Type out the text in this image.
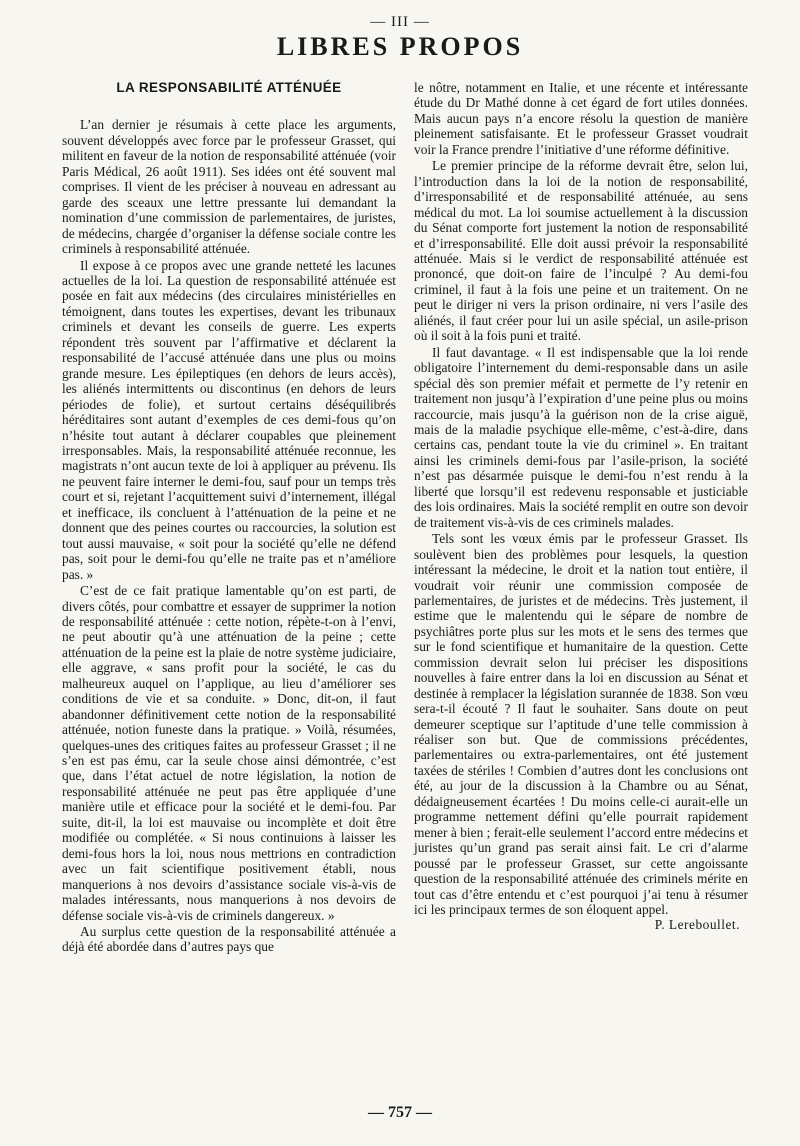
— III —
LIBRES PROPOS
LA RESPONSABILITÉ ATTÉNUÉE

L’an dernier je résumais à cette place les arguments, souvent développés avec force par le professeur Grasset, qui militent en faveur de la notion de responsabilité atténuée (voir Paris Médical, 26 août 1911). Ses idées ont été souvent mal comprises. Il vient de les préciser à nouveau en adressant au garde des sceaux une lettre pressante lui demandant la nomination d’une commission de parlementaires, de juristes, de médecins, chargée d’organiser la défense sociale contre les criminels à responsabilité atténuée.

Il expose à ce propos avec une grande netteté les lacunes actuelles de la loi. La question de responsabilité atténuée est posée en fait aux médecins (des circulaires ministérielles en témoignent, dans toutes les expertises, devant les tribunaux criminels et devant les conseils de guerre. Les experts répondent très souvent par l’affirmative et déclarent la responsabilité de l’accusé atténuée dans une plus ou moins grande mesure. Les épileptiques (en dehors de leurs accès), les aliénés intermittents ou discontinus (en dehors de leurs périodes de folie), et surtout certains déséquilibrés héréditaires sont autant d’exemples de ces demi-fous qu’on n’hésite tout autant à déclarer coupables que pleinement irresponsables. Mais, la responsabilité atténuée reconnue, les magistrats n’ont aucun texte de loi à appliquer au prévenu. Ils ne peuvent faire interner le demi-fou, sauf pour un temps très court et si, rejetant l’acquittement suivi d’internement, illégal et inefficace, ils concluent à l’atténuation de la peine et ne donnent que des peines courtes ou raccourcies, la solution est tout aussi mauvaise, « soit pour la société qu’elle ne défend pas, soit pour le demi-fou qu’elle ne traite pas et n’améliore pas. »

C’est de ce fait pratique lamentable qu’on est parti, de divers côtés, pour combattre et essayer de supprimer la notion de responsabilité atténuée : cette notion, répète-t-on à l’envi, ne peut aboutir qu’à une atténuation de la peine ; cette atténuation de la peine est la plaie de notre système judiciaire, elle aggrave, « sans profit pour la société, le cas du malheureux auquel on l’applique, au lieu d’améliorer ses conditions de vie et sa conduite. » Donc, dit-on, il faut abandonner définitivement cette notion de la responsabilité atténuée, notion funeste dans la pratique. » Voilà, résumées, quelques-unes des critiques faites au professeur Grasset ; il ne s’en est pas ému, car la seule chose ainsi démontrée, c’est que, dans l’état actuel de notre législation, la notion de responsabilité atténuée ne peut pas être appliquée d’une manière utile et efficace pour la société et le demi-fou. Par suite, dit-il, la loi est mauvaise ou incomplète et doit être modifiée ou complétée. « Si nous continuions à laisser les demi-fous hors la loi, nous nous mettrions en contradiction avec un fait scientifique positivement établi, nous manquerions à nos devoirs d’assistance sociale vis-à-vis de malades intéressants, nous manquerions à nos devoirs de défense sociale vis-à-vis de criminels dangereux. »

Au surplus cette question de la responsabilité atténuée a déjà été abordée dans d’autres pays que

le nôtre, notamment en Italie, et une récente et intéressante étude du Dr Mathé donne à cet égard de fort utiles données. Mais aucun pays n’a encore résolu la question de manière pleinement satisfaisante. Et le professeur Grasset voudrait voir la France prendre l’initiative d’une réforme définitive.

Le premier principe de la réforme devrait être, selon lui, l’introduction dans la loi de la notion de responsabilité, d’irresponsabilité et de responsabilité atténuée, au sens médical du mot. La loi soumise actuellement à la discussion du Sénat comporte fort justement la notion de responsabilité et d’irresponsabilité. Elle doit aussi prévoir la responsabilité atténuée. Mais si le verdict de responsabilité atténuée est prononcé, que doit-on faire de l’inculpé ? Au demi-fou criminel, il faut à la fois une peine et un traitement. On ne peut le diriger ni vers la prison ordinaire, ni vers l’asile des aliénés, il faut créer pour lui un asile spécial, un asile-prison où il soit à la fois puni et traité.

Il faut davantage. « Il est indispensable que la loi rende obligatoire l’internement du demi-responsable dans un asile spécial dès son premier méfait et permette de l’y retenir en traitement non jusqu’à l’expiration d’une peine plus ou moins raccourcie, mais jusqu’à la guérison non de la crise aiguë, mais de la maladie psychique elle-même, c’est-à-dire, dans certains cas, pendant toute la vie du criminel ». En traitant ainsi les criminels demi-fous par l’asile-prison, la société n’est pas désarmée puisque le demi-fou n’est rendu à la liberté que lorsqu’il est redevenu responsable et justiciable des lois ordinaires. Mais la société remplit en outre son devoir de traitement vis-à-vis de ces criminels malades.

Tels sont les vœux émis par le professeur Grasset. Ils soulèvent bien des problèmes pour lesquels, la question intéressant la médecine, le droit et la nation tout entière, il voudrait voir réunir une commission composée de parlementaires, de juristes et de médecins. Très justement, il estime que le malentendu qui le sépare de nombre de psychiâtres porte plus sur les mots et le sens des termes que sur le fond scientifique et humanitaire de la question. Cette commission devrait selon lui préciser les dispositions nouvelles à faire entrer dans la loi en discussion au Sénat et destinée à remplacer la législation surannée de 1838. Son vœu sera-t-il écouté ? Il faut le souhaiter. Sans doute on peut demeurer sceptique sur l’aptitude d’une telle commission à réaliser son but. Que de commissions précédentes, parlementaires ou extra-parlementaires, ont été justement taxées de stériles ! Combien d’autres dont les conclusions ont été, au jour de la discussion à la Chambre ou au Sénat, dédaigneusement écartées ! Du moins celle-ci aurait-elle un programme nettement défini qu’elle pourrait rapidement mener à bien ; ferait-elle seulement l’accord entre médecins et juristes qu’un grand pas serait ainsi fait. Le cri d’alarme poussé par le professeur Grasset, sur cette angoissante question de la responsabilité atténuée des criminels mérite en tout cas d’être entendu et c’est pourquoi j’ai tenu à résumer ici les principaux termes de son éloquent appel.

P. Lereboullet.
— 757 —
